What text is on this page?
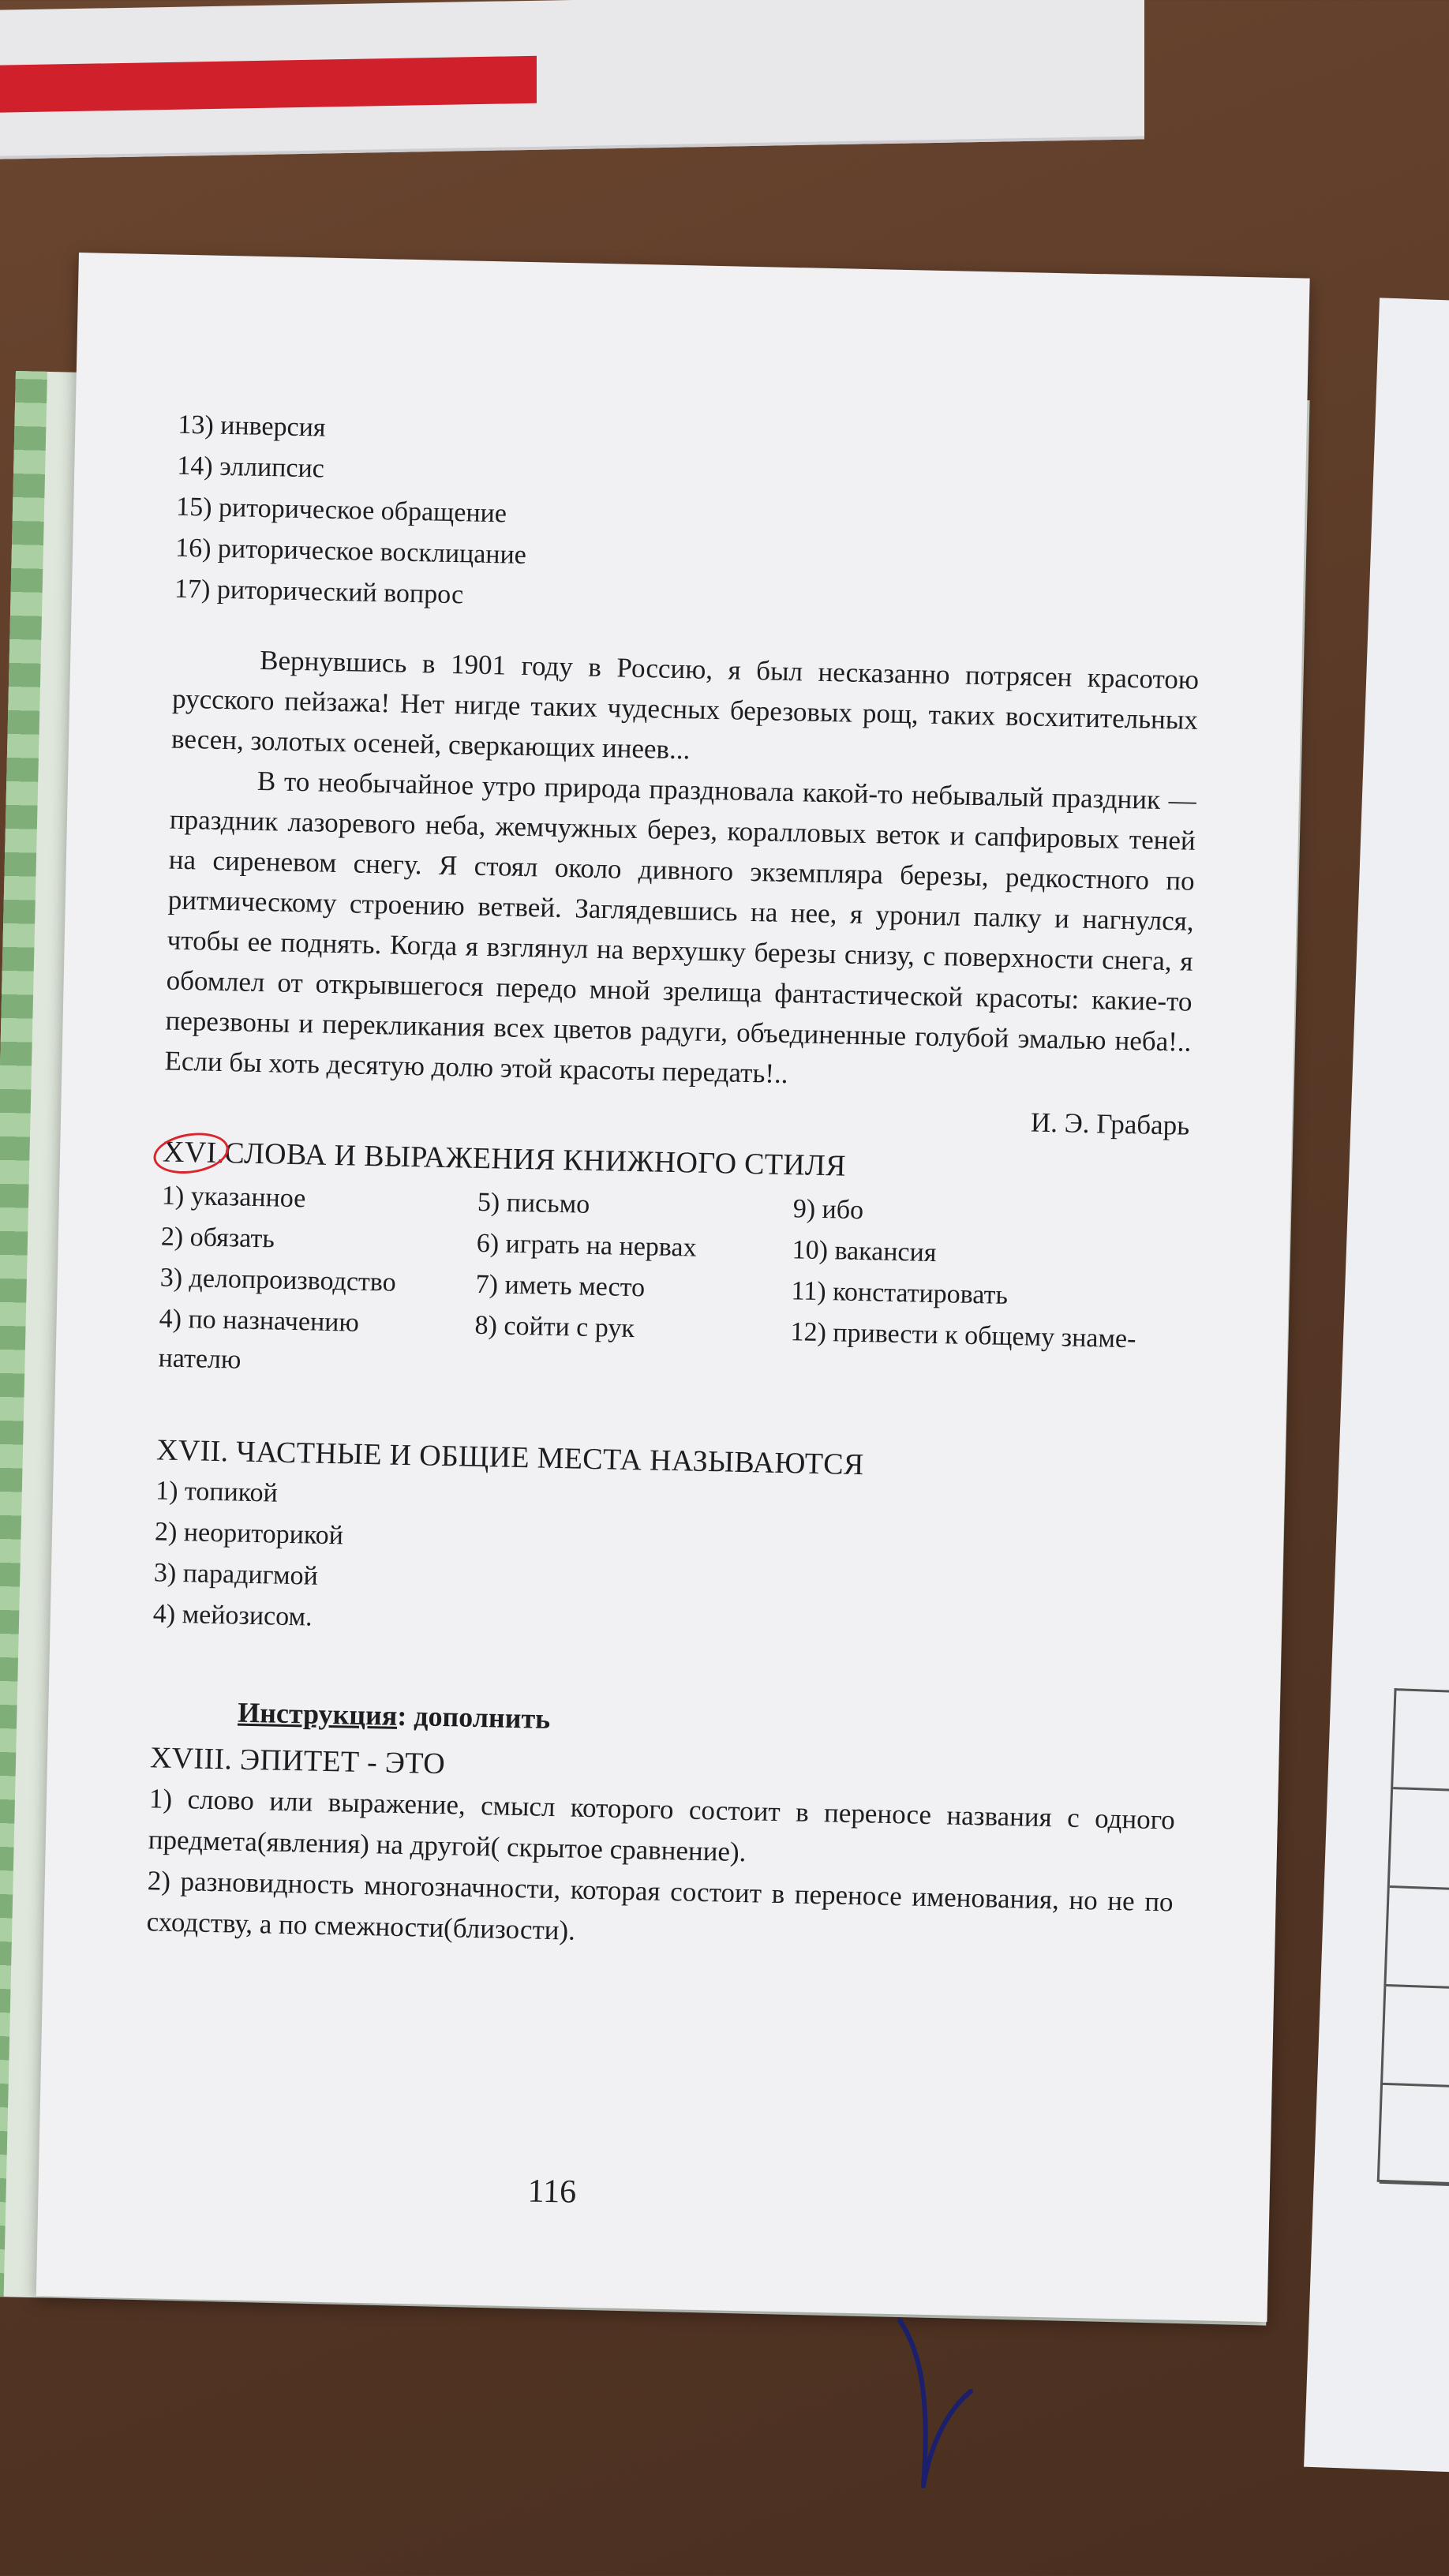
13) инверсия
14) эллипсис
15) риторическое обращение
16) риторическое восклицание
17) риторический вопрос

Вернувшись в 1901 году в Россию, я был несказанно потрясен красотою русского пейзажа! Нет нигде таких чудесных березовых рощ, таких восхитительных весен, золотых осеней, сверкающих инеев...

В то необычайное утро природа праздновала какой-то небывалый праздник — праздник лазоревого неба, жемчужных берез, коралловых веток и сапфировых теней на сиреневом снегу. Я стоял около дивного экземпляра березы, редкостного по ритмическому строению ветвей. Заглядевшись на нее, я уронил палку и нагнулся, чтобы ее поднять. Когда я взглянул на верхушку березы снизу, с поверхности снега, я обомлел от открывшегося передо мной зрелища фантастической красоты: какие-то перезвоны и перекликания всех цветов радуги, объединенные голубой эмалью неба!.. Если бы хоть десятую долю этой красоты передать!..

И. Э. Грабарь
XVI.СЛОВА И ВЫРАЖЕНИЯ КНИЖНОГО СТИЛЯ
1) указанное
2) обязать
3) делопроизводство
4) по назначению
нателю
5) письмо
6) играть на нервах
7) иметь место
8) сойти с рук
9) ибо
10) вакансия
11) констатировать
12) привести к общему знаме-
XVII. ЧАСТНЫЕ И ОБЩИЕ МЕСТА НАЗЫВАЮТСЯ
1) топикой
2) неориторикой
3) парадигмой
4) мейозисом.
Инструкция: дополнить
XVIII. ЭПИТЕТ - ЭТО
1) слово или выражение, смысл которого состоит в переносе названия с одного предмета(явления) на другой( скрытое сравнение).
2) разновидность многозначности, которая состоит в переносе именования, но не по сходству, а по смежности(близости).
116
